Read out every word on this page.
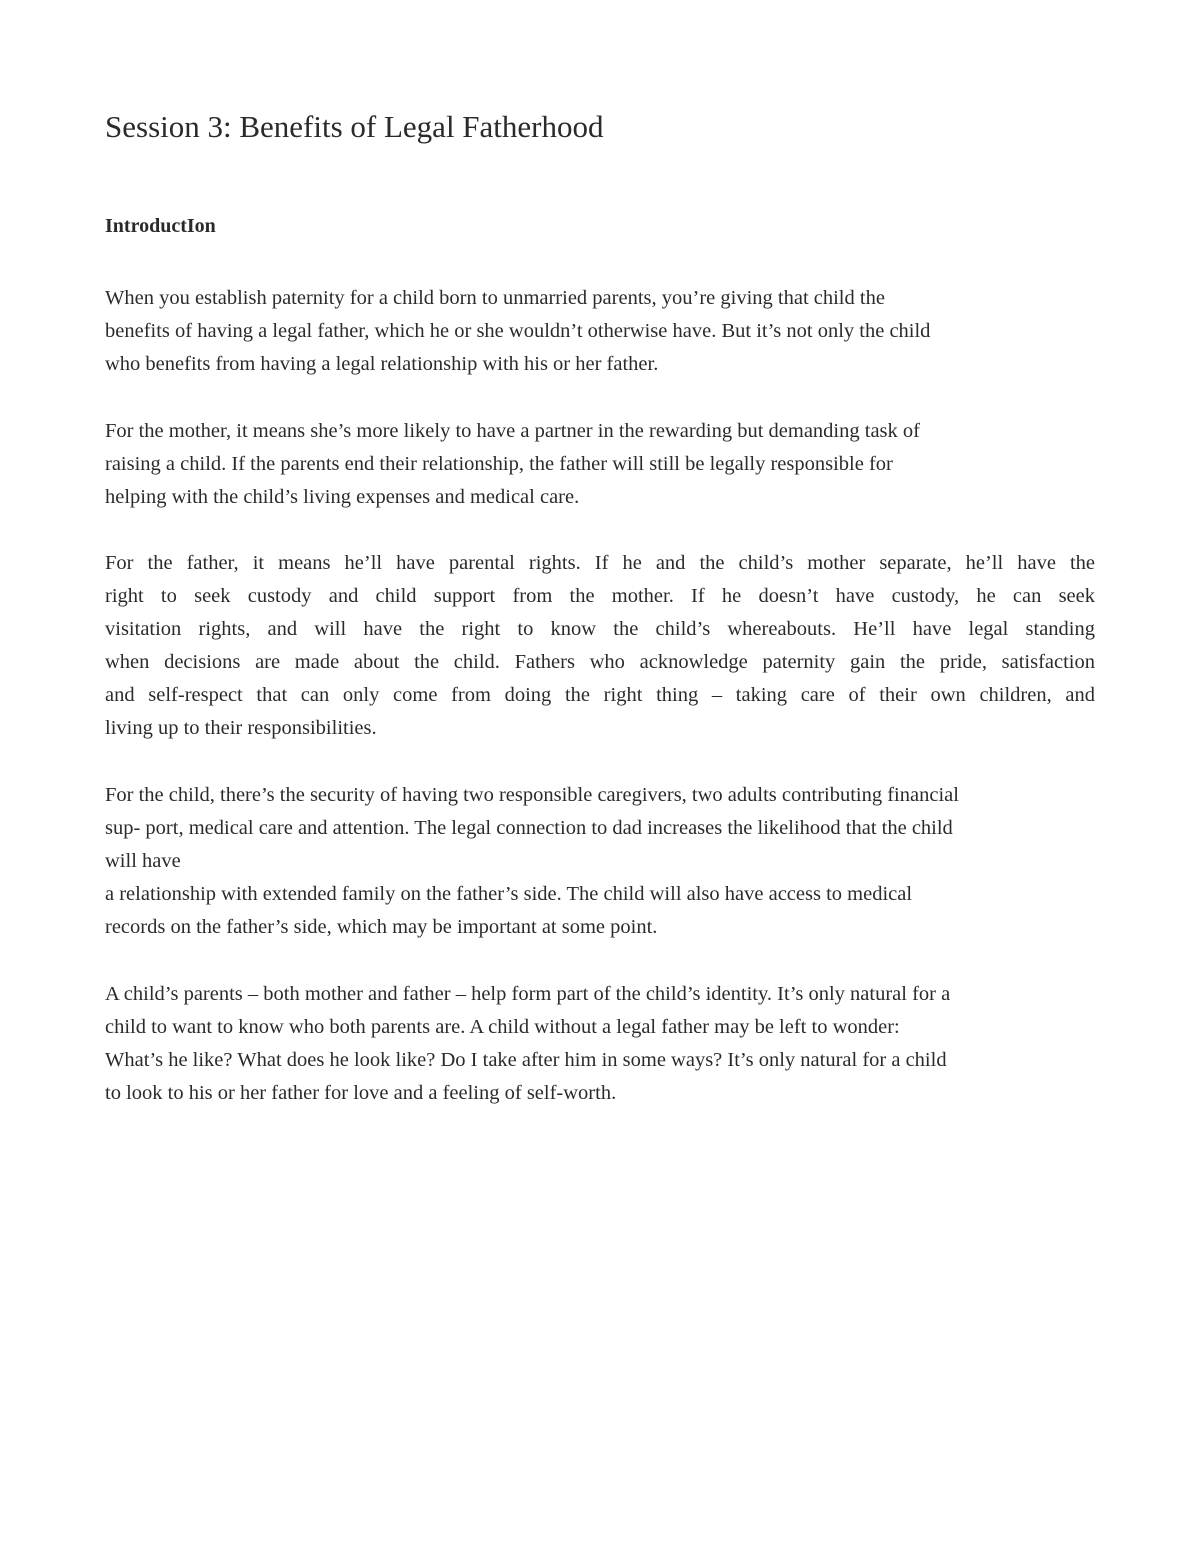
Session 3: Benefits of Legal Fatherhood
IntroductIon

When you establish paternity for a child born to unmarried parents, you’re giving that child the

benefits of having a legal father, which he or she wouldn’t otherwise have. But it’s not only the child

who benefits from having a legal relationship with his or her father.

For the mother, it means she’s more likely to have a partner in the rewarding but demanding task of

raising a child. If the parents end their relationship, the father will still be legally responsible for

helping with the child’s living expenses and medical care.

For the father, it means he’ll have parental rights. If he and the child’s mother separate, he’ll have the

right to seek custody and child support from the mother. If he doesn’t have custody, he can seek

visitation rights, and will have the right to know the child’s whereabouts. He’ll have legal standing

when decisions are made about the child. Fathers who acknowledge paternity gain the pride, satisfaction

and self-respect that can only come from doing the right thing – taking care of their own children, and

living up to their responsibilities.

For the child, there’s the security of having two responsible caregivers, two adults contributing financial

sup- port, medical care and attention. The legal connection to dad increases the likelihood that the child

will have

a relationship with extended family on the father’s side. The child will also have access to medical

records on the father’s side, which may be important at some point.

A child’s parents – both mother and father – help form part of the child’s identity. It’s only natural for a

child to want to know who both parents are. A child without a legal father may be left to wonder:

What’s he like? What does he look like? Do I take after him in some ways? It’s only natural for a child

to look to his or her father for love and a feeling of self-worth.
